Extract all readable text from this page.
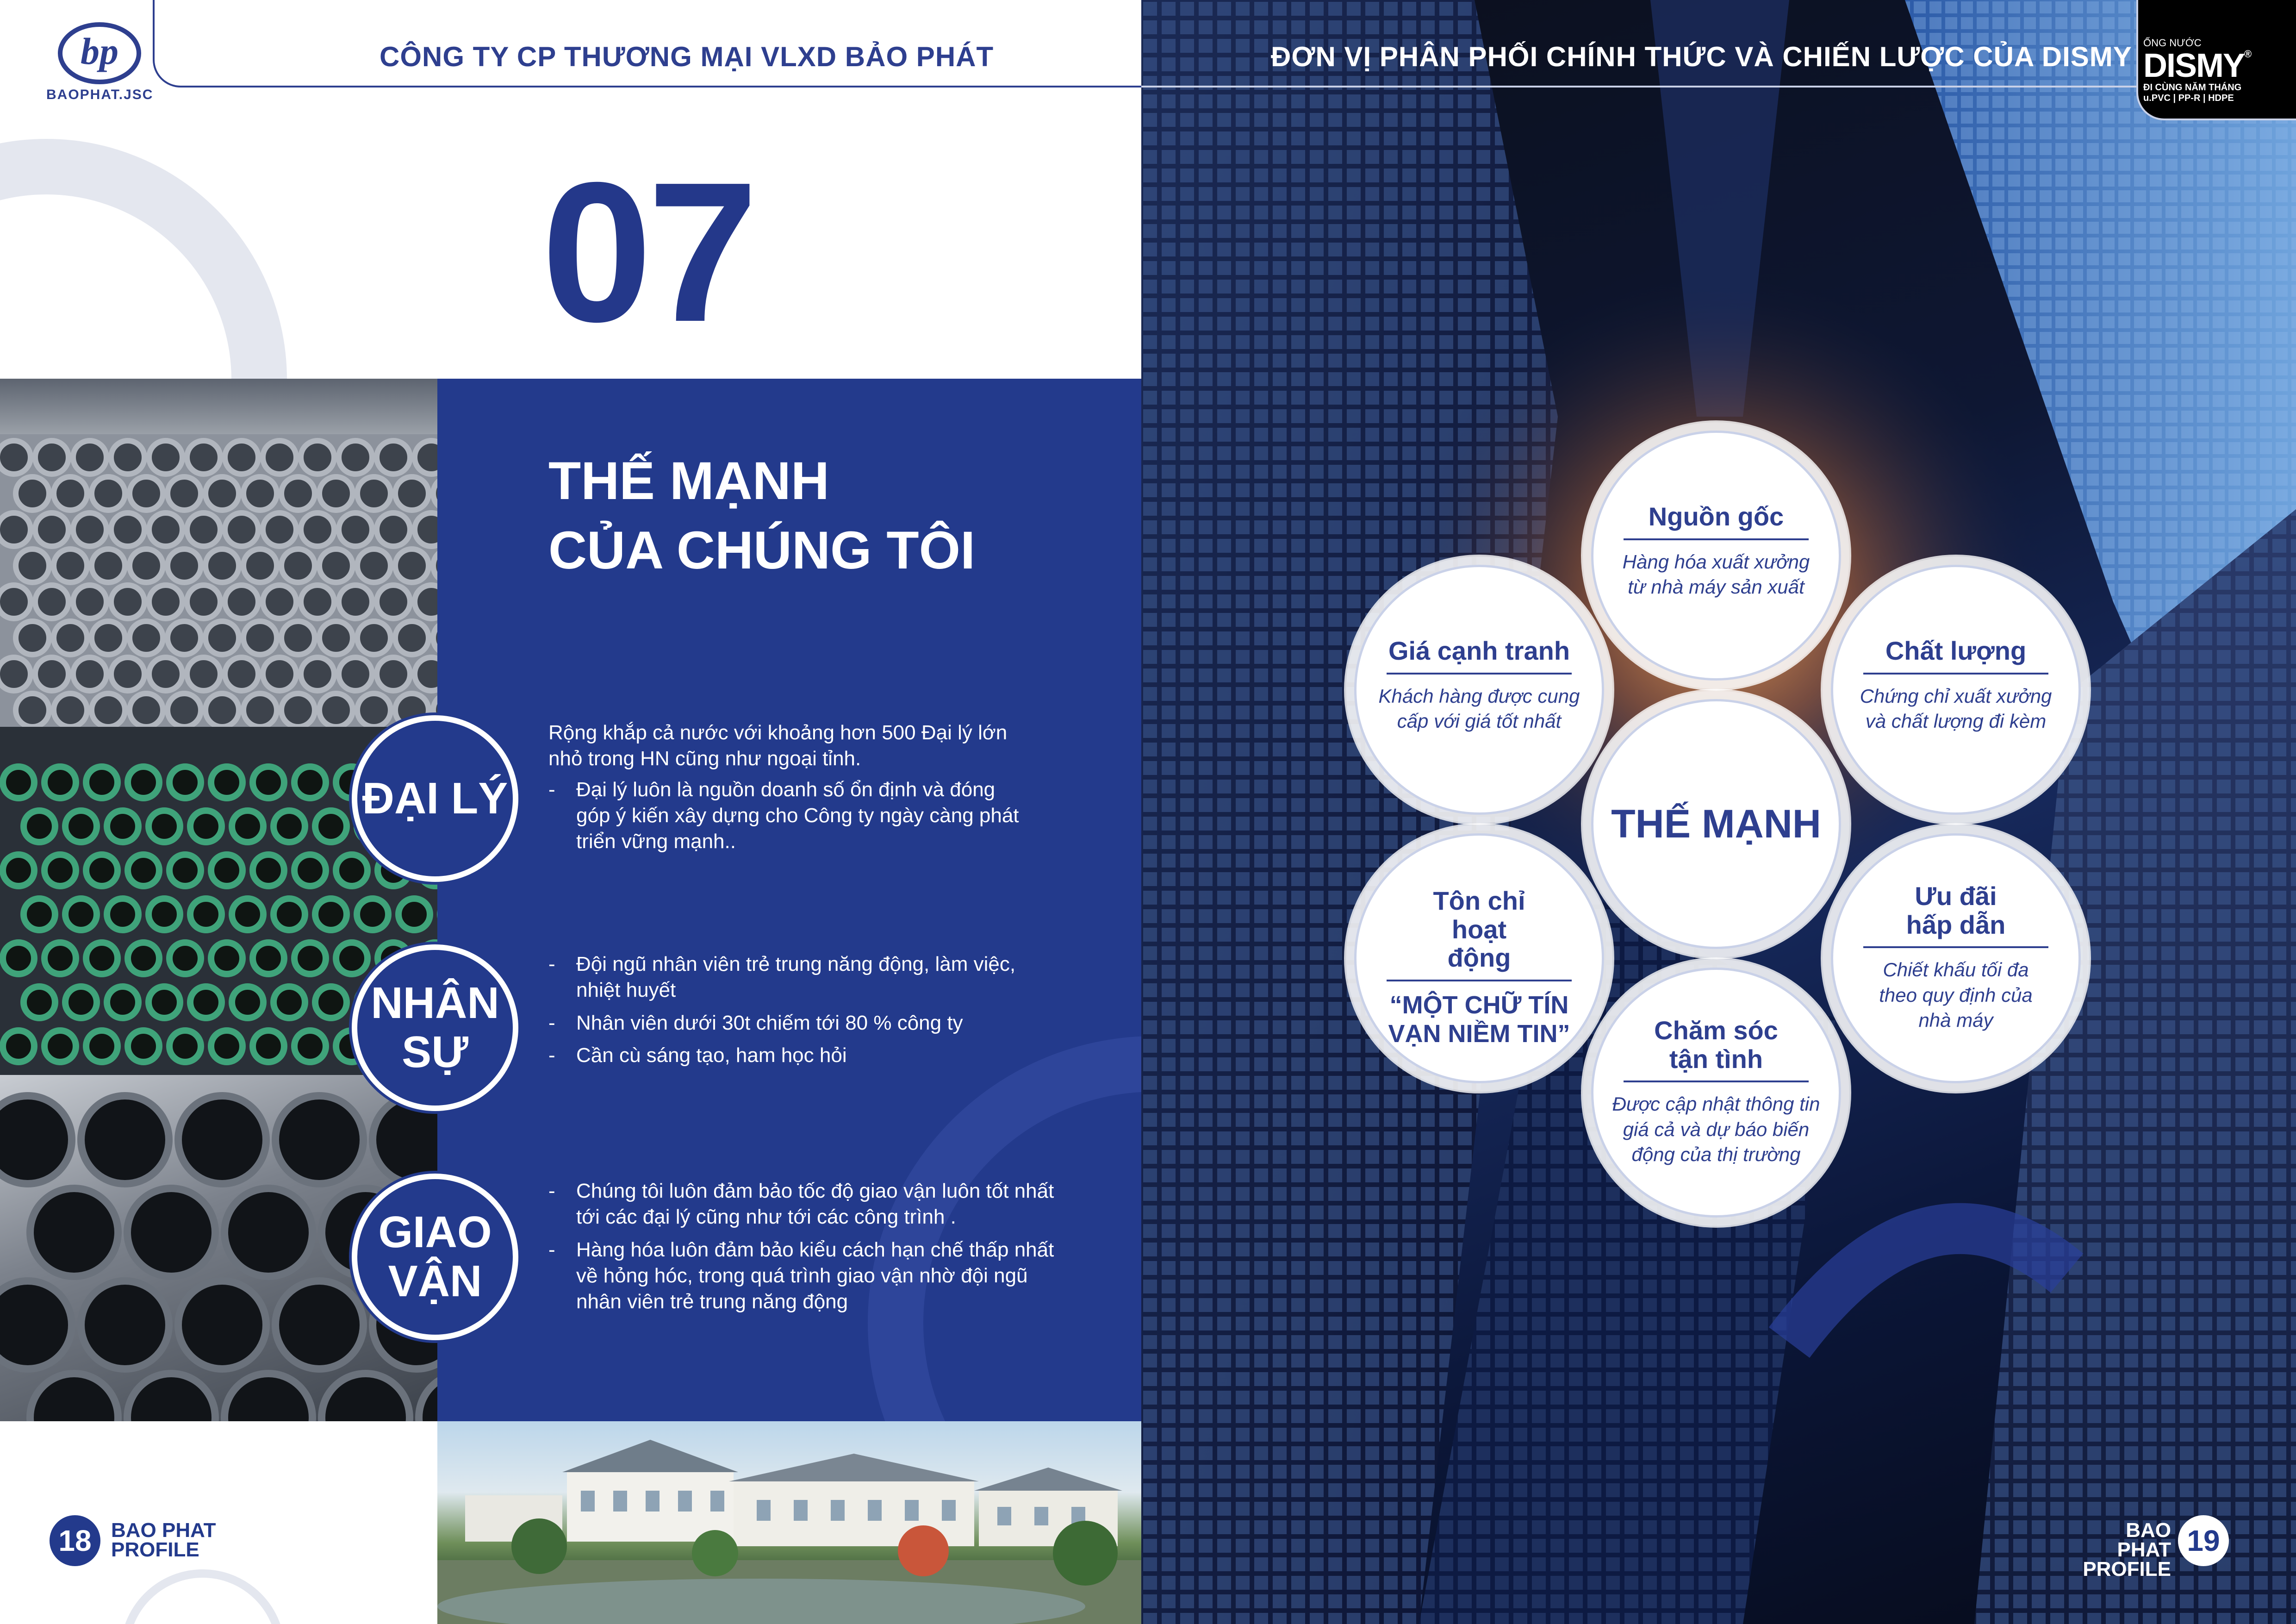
bp
BAOPHAT.JSC
CÔNG TY CP THƯƠNG MẠI VLXD BẢO PHÁT
07
THẾ MẠNH
CỦA CHÚNG TÔI
ĐẠI LÝ
Rộng khắp cả nước với khoảng hơn 500 Đại lý lớn nhỏ trong HN cũng như ngoại tỉnh.
- Đại lý luôn là nguồn doanh số ổn định và đóng góp ý kiến xây dựng cho Công ty ngày càng phát triển vững mạnh..
NHÂN
SỰ
- Đội ngũ nhân viên trẻ trung năng động, làm việc, nhiệt huyết
- Nhân viên dưới 30t chiếm tới 80 % công ty
- Cần cù sáng tạo, ham học hỏi
GIAO
VẬN
- Chúng tôi luôn đảm bảo tốc độ giao vận luôn tốt nhất tới các đại lý cũng như tới các công trình .
- Hàng hóa luôn đảm bảo kiểu cách hạn chế thấp nhất về hỏng hóc, trong quá trình giao vận nhờ đội ngũ nhân viên trẻ trung năng động
18 BAO PHAT
PROFILE
ĐƠN VỊ PHÂN PHỐI CHÍNH THỨC VÀ CHIẾN LƯỢC CỦA DISMY ỐNG NƯỚC
DISMY®
ĐI CÙNG NĂM THÁNG
u.PVC | PP-R | HDPE
Nguồn gốc
Hàng hóa xuất xưởng từ nhà máy sản xuất
Chất lượng
Chứng chỉ xuất xưởng và chất lượng đi kèm
Ưu đãi hấp dẫn
Chiết khấu tối đa theo quy định của nhà máy
Chăm sóc tận tình
Được cập nhật thông tin giá cả và dự báo biến động của thị trường
Tôn chỉ hoạt động
“MỘT CHỮ TÍN VẠN NIỀM TIN”
Giá cạnh tranh
Khách hàng được cung cấp với giá tốt nhất
THẾ MẠNH
BAO PHAT
PROFILE
19
